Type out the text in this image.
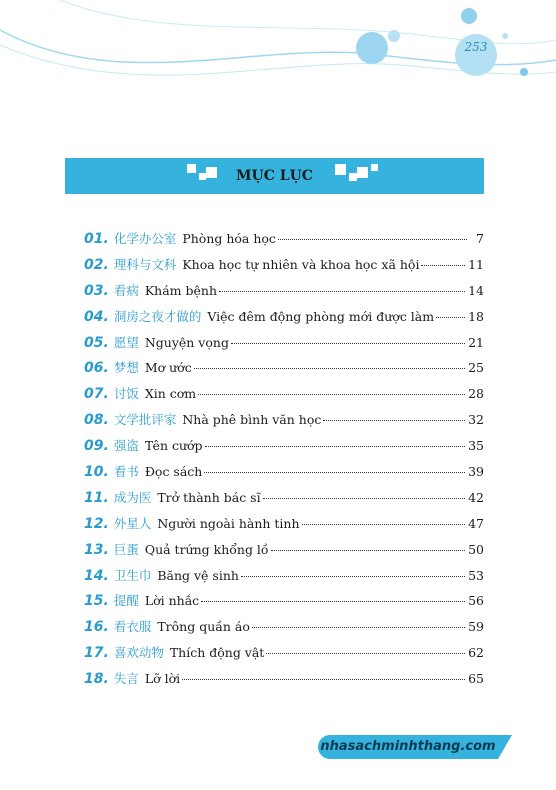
253
MỤC LỤC
01. 化学办公室 Phòng hóa học	7
02. 理科与文科 Khoa học tự nhiên và khoa học xã hội	11
03. 看病 Khám bệnh	14
04. 洞房之夜才做的 Việc đêm động phòng mới được làm	18
05. 愿望 Nguyện vọng	21
06. 梦想 Mơ ước	25
07. 讨饭 Xin cơm	28
08. 文学批评家 Nhà phê bình văn học	32
09. 强盗 Tên cướp	35
10. 看书 Đọc sách	39
11. 成为医 Trở thành bác sĩ	42
12. 外星人 Người ngoài hành tinh	47
13. 巨蛋 Quả trứng khổng lồ	50
14. 卫生巾 Băng vệ sinh	53
15. 提醒 Lời nhắc	56
16. 看衣服 Trông quần áo	59
17. 喜欢动物 Thích động vật	62
18. 失言 Lỡ lời	65
nhasachminhthang.com
